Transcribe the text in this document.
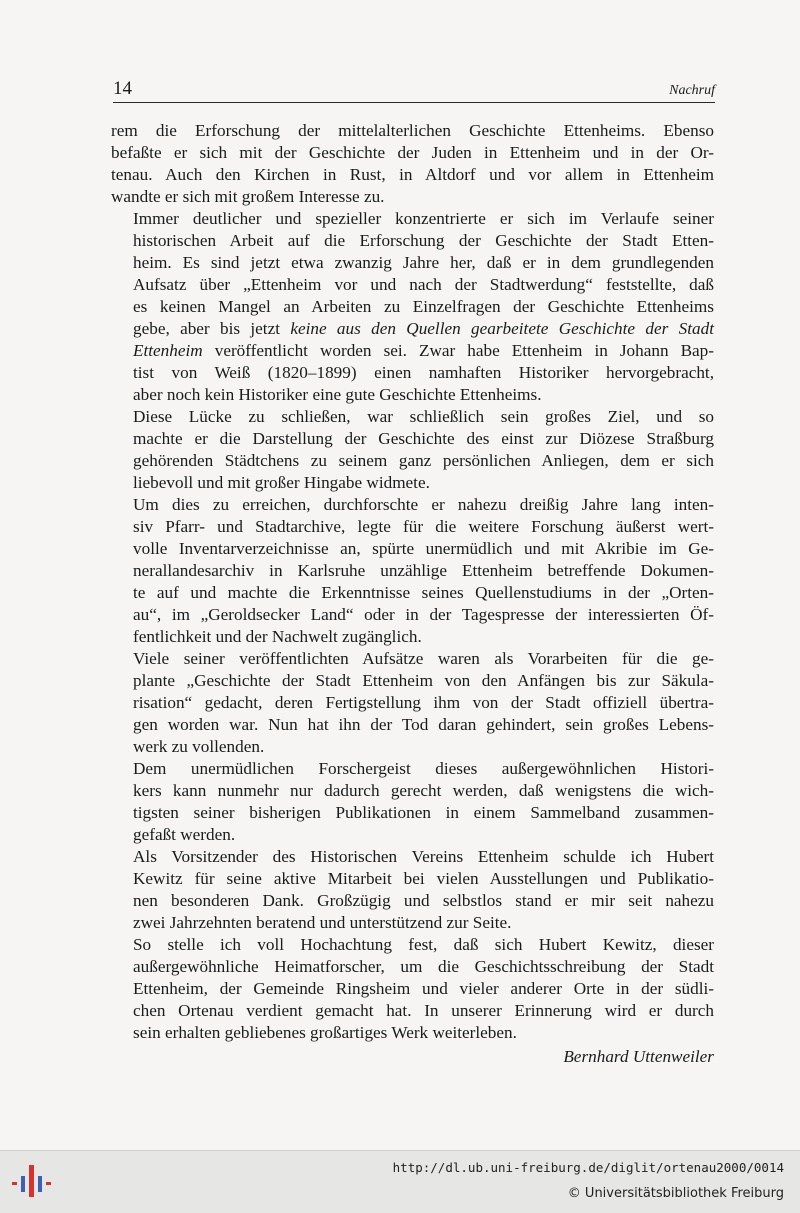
14	Nachruf

rem die Erforschung der mittelalterlichen Geschichte Ettenheims. Ebenso
befaßte er sich mit der Geschichte der Juden in Ettenheim und in der Or-
tenau. Auch den Kirchen in Rust, in Altdorf und vor allem in Ettenheim
wandte er sich mit großem Interesse zu.

Immer deutlicher und spezieller konzentrierte er sich im Verlaufe seiner
historischen Arbeit auf die Erforschung der Geschichte der Stadt Etten-
heim. Es sind jetzt etwa zwanzig Jahre her, daß er in dem grundlegenden
Aufsatz über „Ettenheim vor und nach der Stadtwerdung“ feststellte, daß
es keinen Mangel an Arbeiten zu Einzelfragen der Geschichte Ettenheims
gebe, aber bis jetzt keine aus den Quellen gearbeitete Geschichte der Stadt
Ettenheim veröffentlicht worden sei. Zwar habe Ettenheim in Johann Bap-
tist von Weiß (1820–1899) einen namhaften Historiker hervorgebracht,
aber noch kein Historiker eine gute Geschichte Ettenheims.

Diese Lücke zu schließen, war schließlich sein großes Ziel, und so
machte er die Darstellung der Geschichte des einst zur Diözese Straßburg
gehörenden Städtchens zu seinem ganz persönlichen Anliegen, dem er sich
liebevoll und mit großer Hingabe widmete.

Um dies zu erreichen, durchforschte er nahezu dreißig Jahre lang inten-
siv Pfarr- und Stadtarchive, legte für die weitere Forschung äußerst wert-
volle Inventarverzeichnisse an, spürte unermüdlich und mit Akribie im Ge-
nerallandesarchiv in Karlsruhe unzählige Ettenheim betreffende Dokumen-
te auf und machte die Erkenntnisse seines Quellenstudiums in der „Orten-
au“, im „Geroldsecker Land“ oder in der Tagespresse der interessierten Öf-
fentlichkeit und der Nachwelt zugänglich.

Viele seiner veröffentlichten Aufsätze waren als Vorarbeiten für die ge-
plante „Geschichte der Stadt Ettenheim von den Anfängen bis zur Säkula-
risation“ gedacht, deren Fertigstellung ihm von der Stadt offiziell übertra-
gen worden war. Nun hat ihn der Tod daran gehindert, sein großes Lebens-
werk zu vollenden.

Dem unermüdlichen Forschergeist dieses außergewöhnlichen Histori-
kers kann nunmehr nur dadurch gerecht werden, daß wenigstens die wich-
tigsten seiner bisherigen Publikationen in einem Sammelband zusammen-
gefaßt werden.

Als Vorsitzender des Historischen Vereins Ettenheim schulde ich Hubert
Kewitz für seine aktive Mitarbeit bei vielen Ausstellungen und Publikatio-
nen besonderen Dank. Großzügig und selbstlos stand er mir seit nahezu
zwei Jahrzehnten beratend und unterstützend zur Seite.

So stelle ich voll Hochachtung fest, daß sich Hubert Kewitz, dieser
außergewöhnliche Heimatforscher, um die Geschichtsschreibung der Stadt
Ettenheim, der Gemeinde Ringsheim und vieler anderer Orte in der südli-
chen Ortenau verdient gemacht hat. In unserer Erinnerung wird er durch
sein erhalten gebliebenes großartiges Werk weiterleben.

Bernhard Uttenweiler
http://dl.ub.uni-freiburg.de/diglit/ortenau2000/0014
© Universitätsbibliothek Freiburg
